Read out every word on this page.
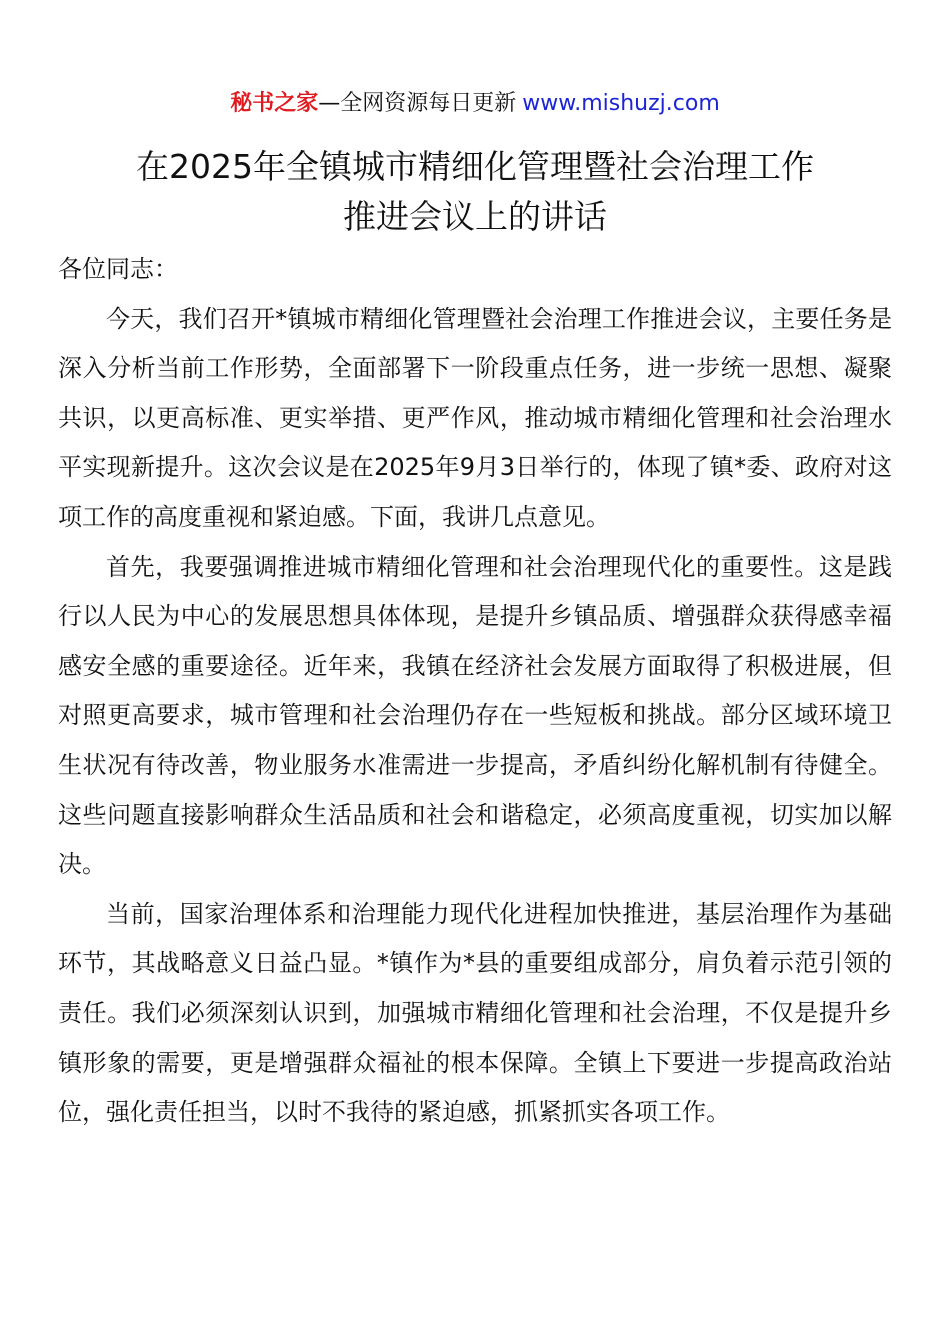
秘书之家—全网资源每日更新 www.mishuzj.com
在2025年全镇城市精细化管理暨社会治理工作
推进会议上的讲话

各位同志：

今天，我们召开*镇城市精细化管理暨社会治理工作推进会议，主要任务是深入分析当前工作形势，全面部署下一阶段重点任务，进一步统一思想、凝聚共识，以更高标准、更实举措、更严作风，推动城市精细化管理和社会治理水平实现新提升。这次会议是在2025年9月3日举行的，体现了镇*委、政府对这项工作的高度重视和紧迫感。下面，我讲几点意见。

首先，我要强调推进城市精细化管理和社会治理现代化的重要性。这是践行以人民为中心的发展思想具体体现，是提升乡镇品质、增强群众获得感幸福感安全感的重要途径。近年来，我镇在经济社会发展方面取得了积极进展，但对照更高要求，城市管理和社会治理仍存在一些短板和挑战。部分区域环境卫生状况有待改善，物业服务水准需进一步提高，矛盾纠纷化解机制有待健全。这些问题直接影响群众生活品质和社会和谐稳定，必须高度重视，切实加以解决。

当前，国家治理体系和治理能力现代化进程加快推进，基层治理作为基础环节，其战略意义日益凸显。*镇作为*县的重要组成部分，肩负着示范引领的责任。我们必须深刻认识到，加强城市精细化管理和社会治理，不仅是提升乡镇形象的需要，更是增强群众福祉的根本保障。全镇上下要进一步提高政治站位，强化责任担当，以时不我待的紧迫感，抓紧抓实各项工作。
